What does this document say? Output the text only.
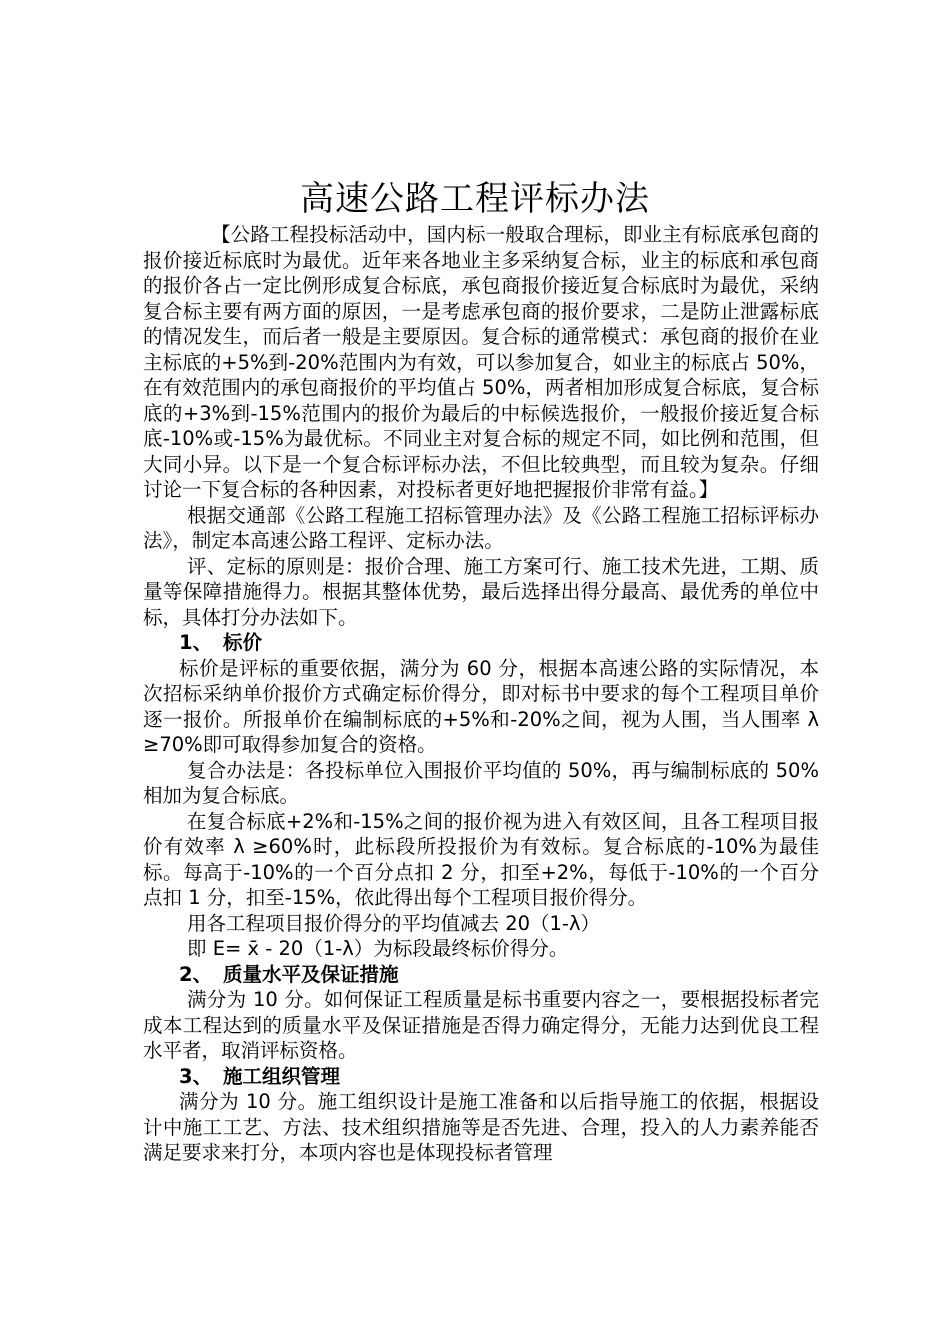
高速公路工程评标办法

【公路工程投标活动中，国内标一般取合理标，即业主有标底承包商的报价接近标底时为最优。近年来各地业主多采纳复合标，业主的标底和承包商的报价各占一定比例形成复合标底，承包商报价接近复合标底时为最优，采纳复合标主要有两方面的原因，一是考虑承包商的报价要求，二是防止泄露标底的情况发生，而后者一般是主要原因。复合标的通常模式：承包商的报价在业主标底的+5%到-20%范围内为有效，可以参加复合，如业主的标底占 50%，在有效范围内的承包商报价的平均值占 50%，两者相加形成复合标底，复合标底的+3%到-15%范围内的报价为最后的中标候选报价，一般报价接近复合标底-10%或-15%为最优标。不同业主对复合标的规定不同，如比例和范围，但大同小异。以下是一个复合标评标办法，不但比较典型，而且较为复杂。仔细讨论一下复合标的各种因素，对投标者更好地把握报价非常有益。】

根据交通部《公路工程施工招标管理办法》及《公路工程施工招标评标办法》，制定本高速公路工程评、定标办法。

评、定标的原则是：报价合理、施工方案可行、施工技术先进，工期、质量等保障措施得力。根据其整体优势，最后选择出得分最高、最优秀的单位中标，具体打分办法如下。

1、 标价

标价是评标的重要依据，满分为 60 分，根据本高速公路的实际情况，本次招标采纳单价报价方式确定标价得分，即对标书中要求的每个工程项目单价逐一报价。所报单价在编制标底的+5%和-20%之间，视为人围，当人围率 λ ≥70%即可取得参加复合的资格。

复合办法是：各投标单位入围报价平均值的 50%，再与编制标底的 50%相加为复合标底。

在复合标底+2%和-15%之间的报价视为进入有效区间，且各工程项目报价有效率 λ ≥60%时，此标段所投报价为有效标。复合标底的-10%为最佳标。每高于-10%的一个百分点扣 2 分，扣至+2%，每低于-10%的一个百分点扣 1 分，扣至-15%，依此得出每个工程项目报价得分。

用各工程项目报价得分的平均值减去 20（1-λ）

即 E= x̄ - 20（1-λ）为标段最终标价得分。

2、 质量水平及保证措施

满分为 10 分。如何保证工程质量是标书重要内容之一，要根据投标者完成本工程达到的质量水平及保证措施是否得力确定得分，无能力达到优良工程水平者，取消评标资格。

3、 施工组织管理

满分为 10 分。施工组织设计是施工准备和以后指导施工的依据，根据设计中施工工艺、方法、技术组织措施等是否先进、合理，投入的人力素养能否满足要求来打分，本项内容也是体现投标者管理
